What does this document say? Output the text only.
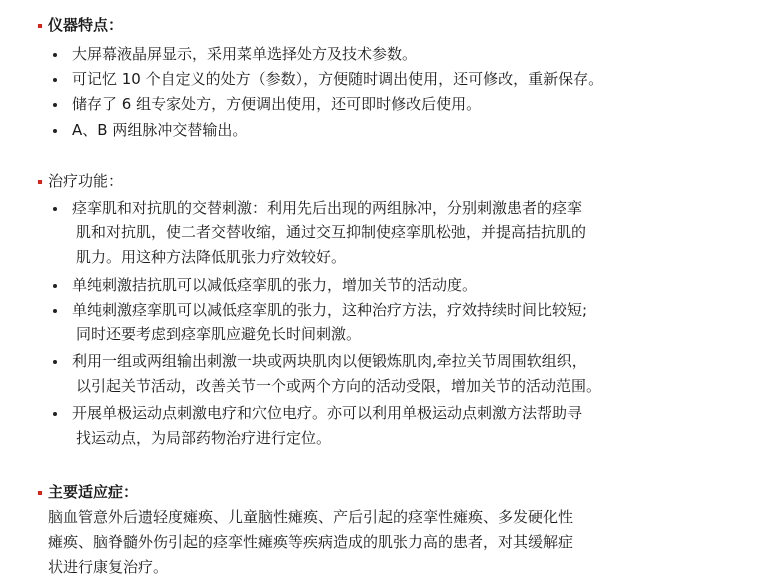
仪器特点：
大屏幕液晶屏显示，采用菜单选择处方及技术参数。
可记忆 10 个自定义的处方（参数），方便随时调出使用，还可修改，重新保存。
储存了 6 组专家处方，方便调出使用，还可即时修改后使用。
A、B 两组脉冲交替输出。
治疗功能：
痉挛肌和对抗肌的交替刺激：利用先后出现的两组脉冲，分别刺激患者的痉挛
肌和对抗肌，使二者交替收缩，通过交互抑制使痉挛肌松弛，并提高拮抗肌的
肌力。用这种方法降低肌张力疗效较好。
单纯刺激拮抗肌可以减低痉挛肌的张力，增加关节的活动度。
单纯刺激痉挛肌可以减低痉挛肌的张力，这种治疗方法，疗效持续时间比较短;
同时还要考虑到痉挛肌应避免长时间刺激。
利用一组或两组输出刺激一块或两块肌肉以便锻炼肌肉,牵拉关节周围软组织，
以引起关节活动，改善关节一个或两个方向的活动受限，增加关节的活动范围。
开展单极运动点刺激电疗和穴位电疗。亦可以利用单极运动点刺激方法帮助寻
找运动点，为局部药物治疗进行定位。
主要适应症：
脑血管意外后遗轻度瘫痪、儿童脑性瘫痪、产后引起的痉挛性瘫痪、多发硬化性
瘫痪、脑脊髓外伤引起的痉挛性瘫痪等疾病造成的肌张力高的患者，对其缓解症
状进行康复治疗。
